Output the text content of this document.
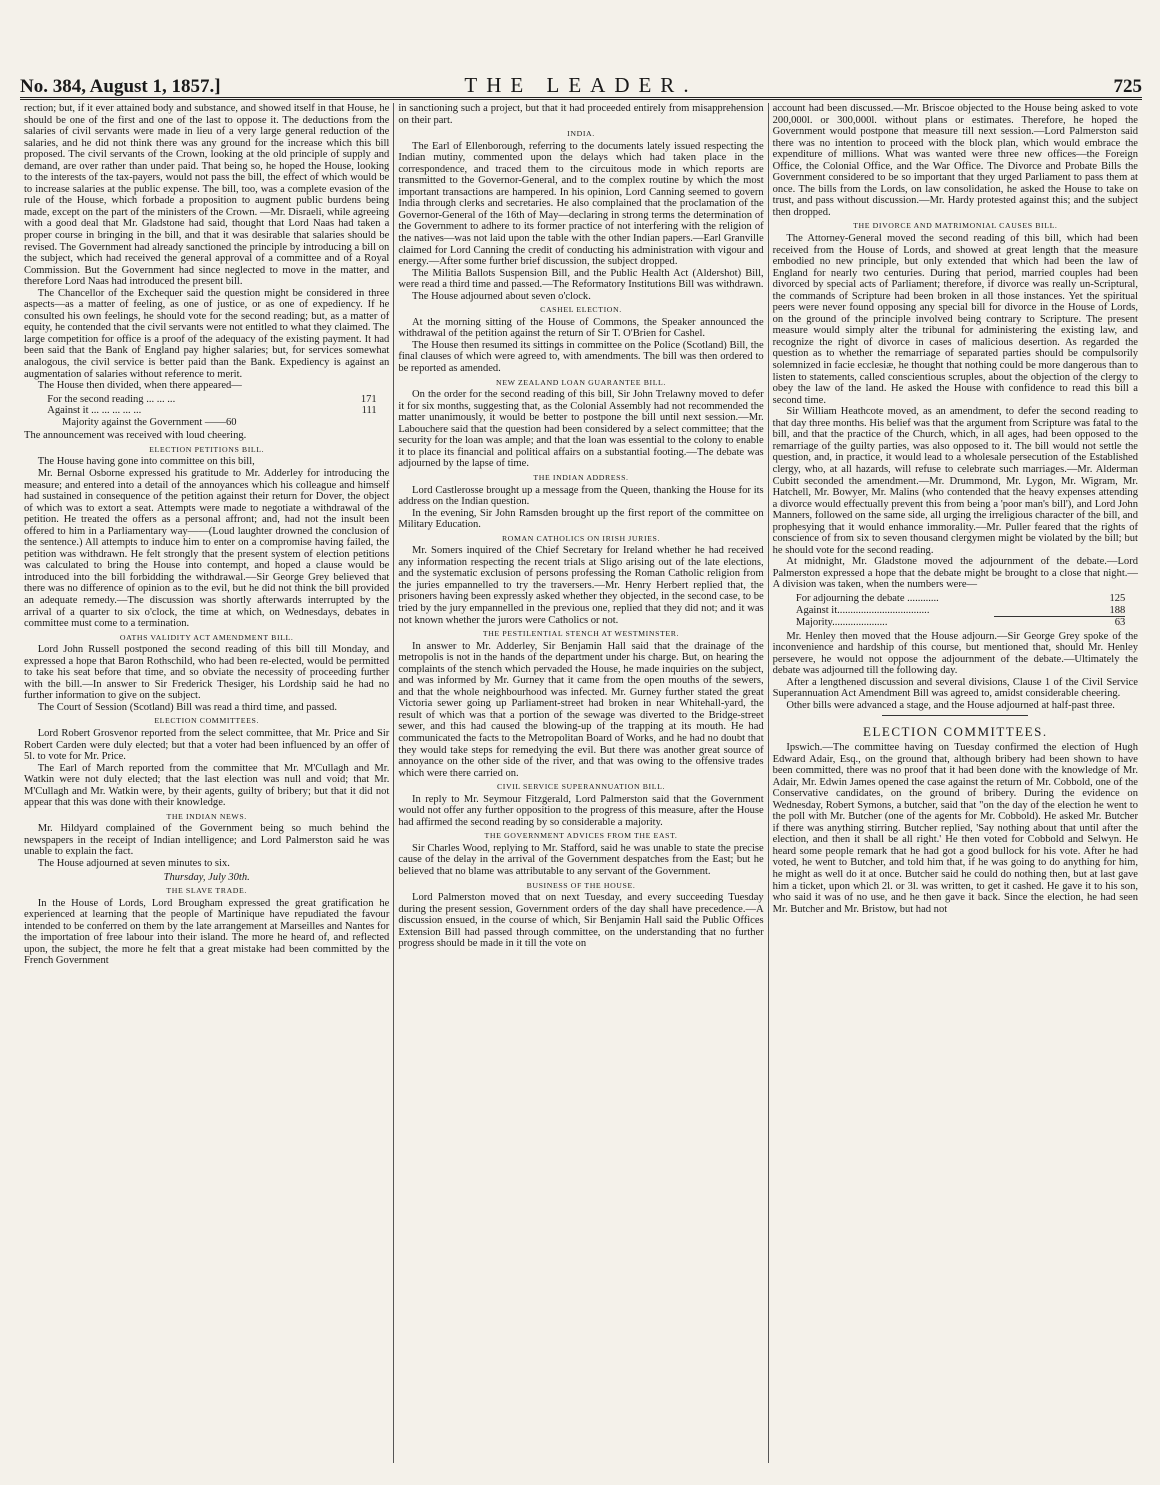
No. 384, August 1, 1857.]	THE LEADER.	725

rection; but, if it ever attained body and substance, and showed itself in that House, he should be one of the first and one of the last to oppose it. The deductions from the salaries of civil servants were made in lieu of a very large general reduction of the salaries, and he did not think there was any ground for the increase which this bill proposed. The civil servants of the Crown, looking at the old principle of supply and demand, are over rather than under paid. That being so, he hoped the House, looking to the interests of the tax-payers, would not pass the bill, the effect of which would be to increase salaries at the public expense. The bill, too, was a complete evasion of the rule of the House, which forbade a proposition to augment public burdens being made, except on the part of the ministers of the Crown. —Mr. Disraeli, while agreeing with a good deal that Mr. Gladstone had said, thought that Lord Naas had taken a proper course in bringing in the bill, and that it was desirable that salaries should be revised. The Government had already sanctioned the principle by introducing a bill on the subject, which had received the general approval of a committee and of a Royal Commission. But the Government had since neglected to move in the matter, and therefore Lord Naas had introduced the present bill.

The Chancellor of the Exchequer said the question might be considered in three aspects—as a matter of feeling, as one of justice, or as one of expediency. If he consulted his own feelings, he should vote for the second reading; but, as a matter of equity, he contended that the civil servants were not entitled to what they claimed. The large competition for office is a proof of the adequacy of the existing payment. It had been said that the Bank of England pay higher salaries; but, for services somewhat analogous, the civil service is better paid than the Bank. Expediency is against an augmentation of salaries without reference to merit.

The House then divided, when there appeared—

For the second reading ... ... ...	171
Against it ... ... ... ... ...	111
Majority against the Government ——60

The announcement was received with loud cheering.

ELECTION PETITIONS BILL.

The House having gone into committee on this bill,

Mr. Bernal Osborne expressed his gratitude to Mr. Adderley for introducing the measure; and entered into a detail of the annoyances which his colleague and himself had sustained in consequence of the petition against their return for Dover, the object of which was to extort a seat. Attempts were made to negotiate a withdrawal of the petition. He treated the offers as a personal affront; and, had not the insult been offered to him in a Parliamentary way——(Loud laughter drowned the conclusion of the sentence.) All attempts to induce him to enter on a compromise having failed, the petition was withdrawn. He felt strongly that the present system of election petitions was calculated to bring the House into contempt, and hoped a clause would be introduced into the bill forbidding the withdrawal.—Sir George Grey believed that there was no difference of opinion as to the evil, but he did not think the bill provided an adequate remedy.—The discussion was shortly afterwards interrupted by the arrival of a quarter to six o'clock, the time at which, on Wednesdays, debates in committee must come to a termination.

OATHS VALIDITY ACT AMENDMENT BILL.

Lord John Russell postponed the second reading of this bill till Monday, and expressed a hope that Baron Rothschild, who had been re-elected, would be permitted to take his seat before that time, and so obviate the necessity of proceeding further with the bill.—In answer to Sir Frederick Thesiger, his Lordship said he had no further information to give on the subject.

The Court of Session (Scotland) Bill was read a third time, and passed.

ELECTION COMMITTEES.

Lord Robert Grosvenor reported from the select committee, that Mr. Price and Sir Robert Carden were duly elected; but that a voter had been influenced by an offer of 5l. to vote for Mr. Price.

The Earl of March reported from the committee that Mr. M'Cullagh and Mr. Watkin were not duly elected; that the last election was null and void; that Mr. M'Cullagh and Mr. Watkin were, by their agents, guilty of bribery; but that it did not appear that this was done with their knowledge.

THE INDIAN NEWS.

Mr. Hildyard complained of the Government being so much behind the newspapers in the receipt of Indian intelligence; and Lord Palmerston said he was unable to explain the fact.

The House adjourned at seven minutes to six.

Thursday, July 30th.
THE SLAVE TRADE.

In the House of Lords, Lord Brougham expressed the great gratification he experienced at learning that the people of Martinique have repudiated the favour intended to be conferred on them by the late arrangement at Marseilles and Nantes for the importation of free labour into their island. The more he heard of, and reflected upon, the subject, the more he felt that a great mistake had been committed by the French Government

in sanctioning such a project, but that it had proceeded entirely from misapprehension on their part.

INDIA.

The Earl of Ellenborough, referring to the documents lately issued respecting the Indian mutiny, commented upon the delays which had taken place in the correspondence, and traced them to the circuitous mode in which reports are transmitted to the Governor-General, and to the complex routine by which the most important transactions are hampered. In his opinion, Lord Canning seemed to govern India through clerks and secretaries. He also complained that the proclamation of the Governor-General of the 16th of May—declaring in strong terms the determination of the Government to adhere to its former practice of not interfering with the religion of the natives—was not laid upon the table with the other Indian papers.—Earl Granville claimed for Lord Canning the credit of conducting his administration with vigour and energy.—After some further brief discussion, the subject dropped.

The Militia Ballots Suspension Bill, and the Public Health Act (Aldershot) Bill, were read a third time and passed.—The Reformatory Institutions Bill was withdrawn.

The House adjourned about seven o'clock.

CASHEL ELECTION.

At the morning sitting of the House of Commons, the Speaker announced the withdrawal of the petition against the return of Sir T. O'Brien for Cashel.

The House then resumed its sittings in committee on the Police (Scotland) Bill, the final clauses of which were agreed to, with amendments. The bill was then ordered to be reported as amended.

NEW ZEALAND LOAN GUARANTEE BILL.

On the order for the second reading of this bill, Sir John Trelawny moved to defer it for six months, suggesting that, as the Colonial Assembly had not recommended the matter unanimously, it would be better to postpone the bill until next session.—Mr. Labouchere said that the question had been considered by a select committee; that the security for the loan was ample; and that the loan was essential to the colony to enable it to place its financial and political affairs on a substantial footing.—The debate was adjourned by the lapse of time.

THE INDIAN ADDRESS.

Lord Castlerosse brought up a message from the Queen, thanking the House for its address on the Indian question.

In the evening, Sir John Ramsden brought up the first report of the committee on Military Education.

ROMAN CATHOLICS ON IRISH JURIES.

Mr. Somers inquired of the Chief Secretary for Ireland whether he had received any information respecting the recent trials at Sligo arising out of the late elections, and the systematic exclusion of persons professing the Roman Catholic religion from the juries empannelled to try the traversers.—Mr. Henry Herbert replied that, the prisoners having been expressly asked whether they objected, in the second case, to be tried by the jury empannelled in the previous one, replied that they did not; and it was not known whether the jurors were Catholics or not.

THE PESTILENTIAL STENCH AT WESTMINSTER.

In answer to Mr. Adderley, Sir Benjamin Hall said that the drainage of the metropolis is not in the hands of the department under his charge. But, on hearing the complaints of the stench which pervaded the House, he made inquiries on the subject, and was informed by Mr. Gurney that it came from the open mouths of the sewers, and that the whole neighbourhood was infected. Mr. Gurney further stated the great Victoria sewer going up Parliament-street had broken in near Whitehall-yard, the result of which was that a portion of the sewage was diverted to the Bridge-street sewer, and this had caused the blowing-up of the trapping at its mouth. He had communicated the facts to the Metropolitan Board of Works, and he had no doubt that they would take steps for remedying the evil. But there was another great source of annoyance on the other side of the river, and that was owing to the offensive trades which were there carried on.

CIVIL SERVICE SUPERANNUATION BILL.

In reply to Mr. Seymour Fitzgerald, Lord Palmerston said that the Government would not offer any further opposition to the progress of this measure, after the House had affirmed the second reading by so considerable a majority.

THE GOVERNMENT ADVICES FROM THE EAST.

Sir Charles Wood, replying to Mr. Stafford, said he was unable to state the precise cause of the delay in the arrival of the Government despatches from the East; but he believed that no blame was attributable to any servant of the Government.

BUSINESS OF THE HOUSE.

Lord Palmerston moved that on next Tuesday, and every succeeding Tuesday during the present session, Government orders of the day shall have precedence.—A discussion ensued, in the course of which, Sir Benjamin Hall said the Public Offices Extension Bill had passed through committee, on the understanding that no further progress should be made in it till the vote on

account had been discussed.—Mr. Briscoe objected to the House being asked to vote 200,000l. or 300,000l. without plans or estimates. Therefore, he hoped the Government would postpone that measure till next session.—Lord Palmerston said there was no intention to proceed with the block plan, which would embrace the expenditure of millions. What was wanted were three new offices—the Foreign Office, the Colonial Office, and the War Office. The Divorce and Probate Bills the Government considered to be so important that they urged Parliament to pass them at once. The bills from the Lords, on law consolidation, he asked the House to take on trust, and pass without discussion.—Mr. Hardy protested against this; and the subject then dropped.

THE DIVORCE AND MATRIMONIAL CAUSES BILL.

The Attorney-General moved the second reading of this bill, which had been received from the House of Lords, and showed at great length that the measure embodied no new principle, but only extended that which had been the law of England for nearly two centuries. During that period, married couples had been divorced by special acts of Parliament; therefore, if divorce was really un-Scriptural, the commands of Scripture had been broken in all those instances. Yet the spiritual peers were never found opposing any special bill for divorce in the House of Lords, on the ground of the principle involved being contrary to Scripture. The present measure would simply alter the tribunal for administering the existing law, and recognize the right of divorce in cases of malicious desertion. As regarded the question as to whether the remarriage of separated parties should be compulsorily solemnized in facie ecclesiæ, he thought that nothing could be more dangerous than to listen to statements, called conscientious scruples, about the objection of the clergy to obey the law of the land. He asked the House with confidence to read this bill a second time.

Sir William Heathcote moved, as an amendment, to defer the second reading to that day three months. His belief was that the argument from Scripture was fatal to the bill, and that the practice of the Church, which, in all ages, had been opposed to the remarriage of the guilty parties, was also opposed to it. The bill would not settle the question, and, in practice, it would lead to a wholesale persecution of the Established clergy, who, at all hazards, will refuse to celebrate such marriages.—Mr. Alderman Cubitt seconded the amendment.—Mr. Drummond, Mr. Lygon, Mr. Wigram, Mr. Hatchell, Mr. Bowyer, Mr. Malins (who contended that the heavy expenses attending a divorce would effectually prevent this from being a 'poor man's bill'), and Lord John Manners, followed on the same side, all urging the irreligious character of the bill, and prophesying that it would enhance immorality.—Mr. Puller feared that the rights of conscience of from six to seven thousand clergymen might be violated by the bill; but he should vote for the second reading.

At midnight, Mr. Gladstone moved the adjournment of the debate.—Lord Palmerston expressed a hope that the debate might be brought to a close that night.—A division was taken, when the numbers were—

For adjourning the debate ............	125
Against it...................................	188
Majority.....................	63

Mr. Henley then moved that the House adjourn.—Sir George Grey spoke of the inconvenience and hardship of this course, but mentioned that, should Mr. Henley persevere, he would not oppose the adjournment of the debate.—Ultimately the debate was adjourned till the following day.

After a lengthened discussion and several divisions, Clause 1 of the Civil Service Superannuation Act Amendment Bill was agreed to, amidst considerable cheering.

Other bills were advanced a stage, and the House adjourned at half-past three.

ELECTION COMMITTEES.

Ipswich.—The committee having on Tuesday confirmed the election of Hugh Edward Adair, Esq., on the ground that, although bribery had been shown to have been committed, there was no proof that it had been done with the knowledge of Mr. Adair, Mr. Edwin James opened the case against the return of Mr. Cobbold, one of the Conservative candidates, on the ground of bribery. During the evidence on Wednesday, Robert Symons, a butcher, said that "on the day of the election he went to the poll with Mr. Butcher (one of the agents for Mr. Cobbold). He asked Mr. Butcher if there was anything stirring. Butcher replied, 'Say nothing about that until after the election, and then it shall be all right.' He then voted for Cobbold and Selwyn. He heard some people remark that he had got a good bullock for his vote. After he had voted, he went to Butcher, and told him that, if he was going to do anything for him, he might as well do it at once. Butcher said he could do nothing then, but at last gave him a ticket, upon which 2l. or 3l. was written, to get it cashed. He gave it to his son, who said it was of no use, and he then gave it back. Since the election, he had seen Mr. Butcher and Mr. Bristow, but had not
